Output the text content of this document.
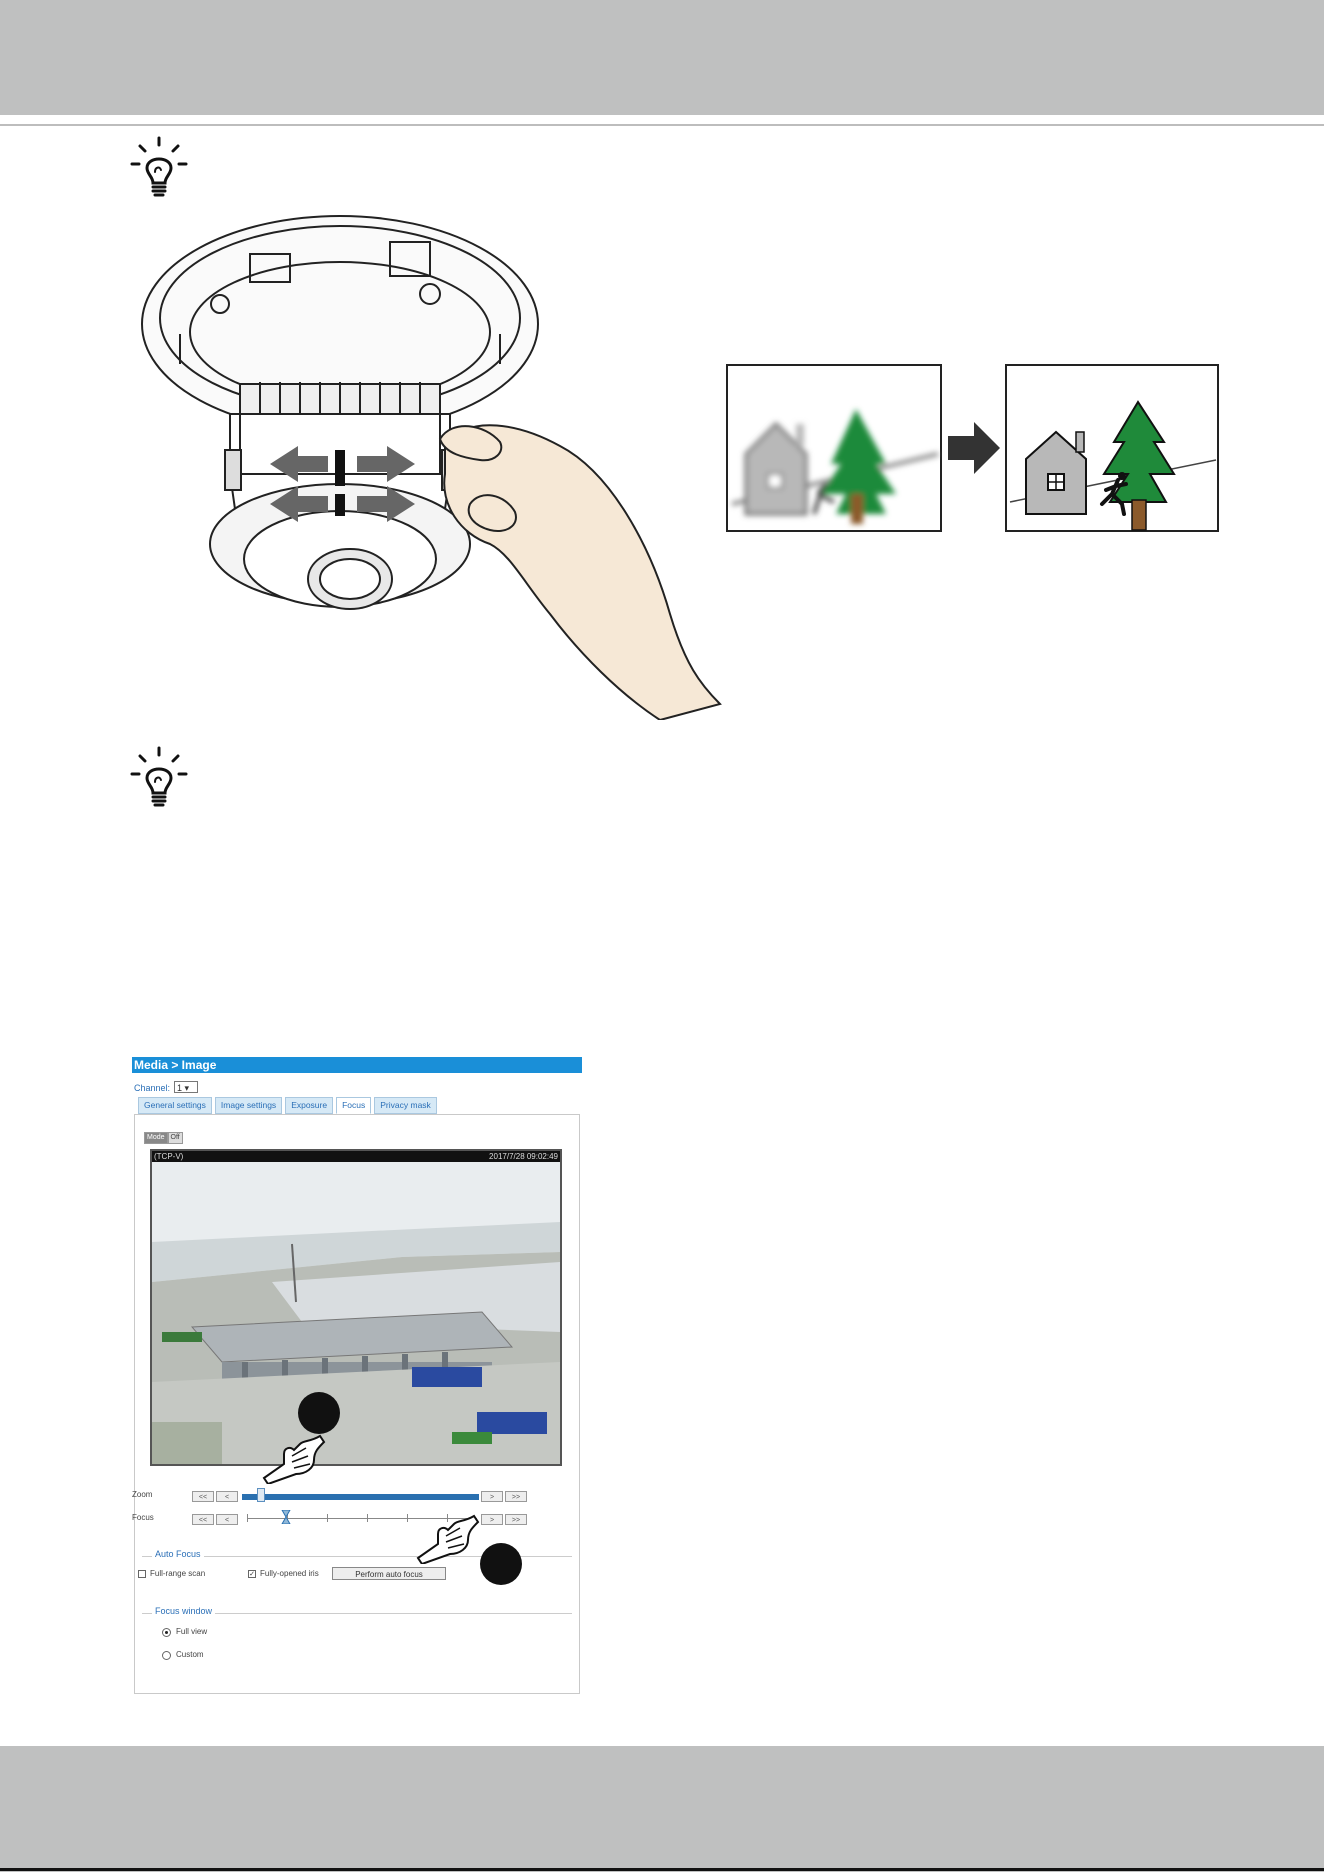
Media > Image
Channel: 1 ▾
General settings	Image settings	Exposure	Focus	Privacy mask
Mode Off
(TCP-V)	2017/7/28 09:02:49
Zoom	<<	<	>	>>
Focus	<<	<	>	>>
Auto Focus
Full-range scan	✓ Fully-opened iris	Perform auto focus
Focus window
Full view
Custom
